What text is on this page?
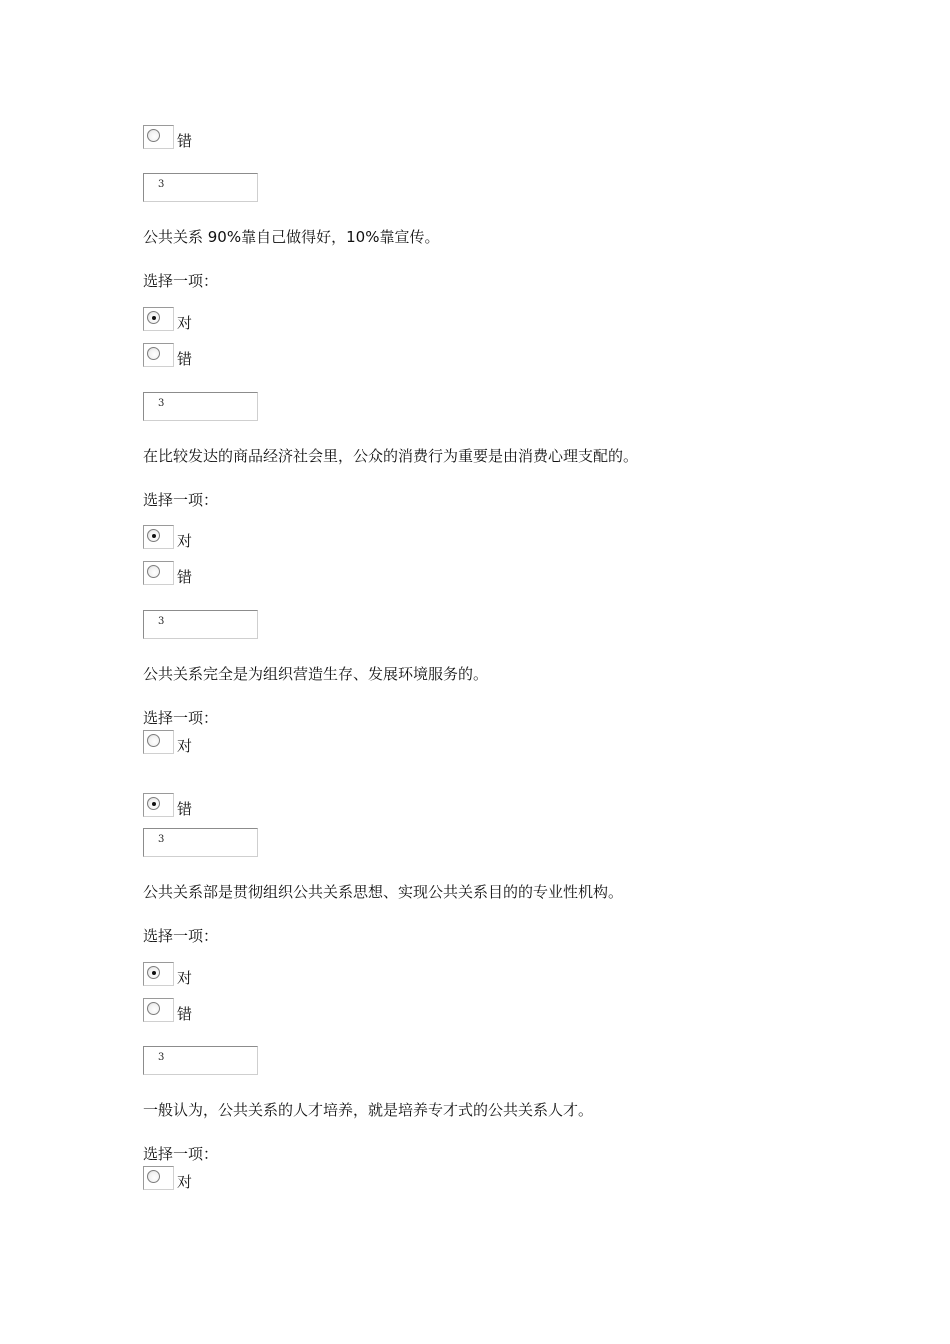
错
3
公共关系 90%靠自己做得好，10%靠宣传。
选择一项：
对
错
3
在比较发达的商品经济社会里，公众的消费行为重要是由消费心理支配的。
选择一项：
对
错
3
公共关系完全是为组织营造生存、发展环境服务的。
选择一项：
对
错
3
公共关系部是贯彻组织公共关系思想、实现公共关系目的的专业性机构。
选择一项：
对
错
3
一般认为，公共关系的人才培养，就是培养专才式的公共关系人才。
选择一项：
对
